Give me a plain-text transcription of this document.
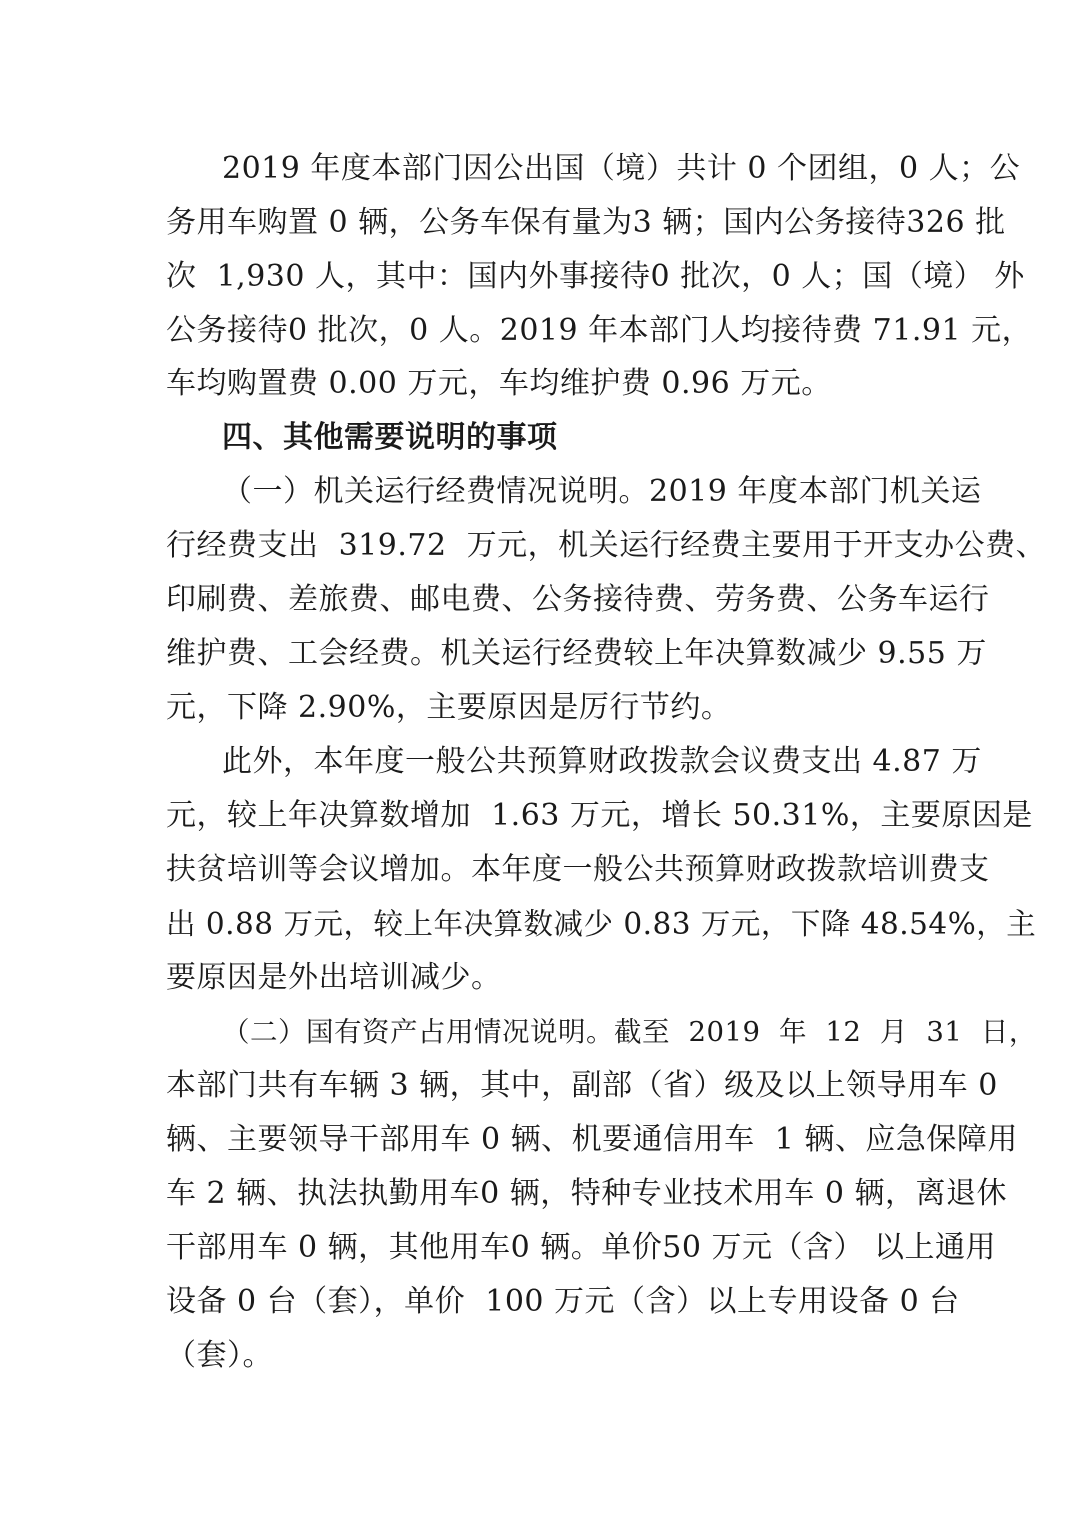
2019 年度本部门因公出国（境）共计 0 个团组，0 人；公
务用车购置 0 辆，公务车保有量为3 辆；国内公务接待326 批
次  1,930 人，其中：国内外事接待0 批次，0 人；国（境） 外
公务接待0 批次，0 人。2019 年本部门人均接待费 71.91 元，
车均购置费 0.00 万元，车均维护费 0.96 万元。
四、其他需要说明的事项
（一）机关运行经费情况说明。2019 年度本部门机关运
行经费支出  319.72  万元，机关运行经费主要用于开支办公费、
印刷费、差旅费、邮电费、公务接待费、劳务费、公务车运行
维护费、工会经费。机关运行经费较上年决算数减少 9.55 万
元，下降 2.90%，主要原因是厉行节约。
此外，本年度一般公共预算财政拨款会议费支出 4.87 万
元，较上年决算数增加  1.63 万元，增长 50.31%，主要原因是
扶贫培训等会议增加。本年度一般公共预算财政拨款培训费支
出 0.88 万元，较上年决算数减少 0.83 万元，下降 48.54%，主
要原因是外出培训减少。
（二）国有资产占用情况说明。截至  2019  年  12  月  31  日，
本部门共有车辆 3 辆，其中，副部（省）级及以上领导用车 0
辆、主要领导干部用车 0 辆、机要通信用车  1 辆、应急保障用
车 2 辆、执法执勤用车0 辆，特种专业技术用车 0 辆，离退休
干部用车 0 辆，其他用车0 辆。单价50 万元（含） 以上通用
设备 0 台（套），单价  100 万元（含）以上专用设备 0 台
（套）。
